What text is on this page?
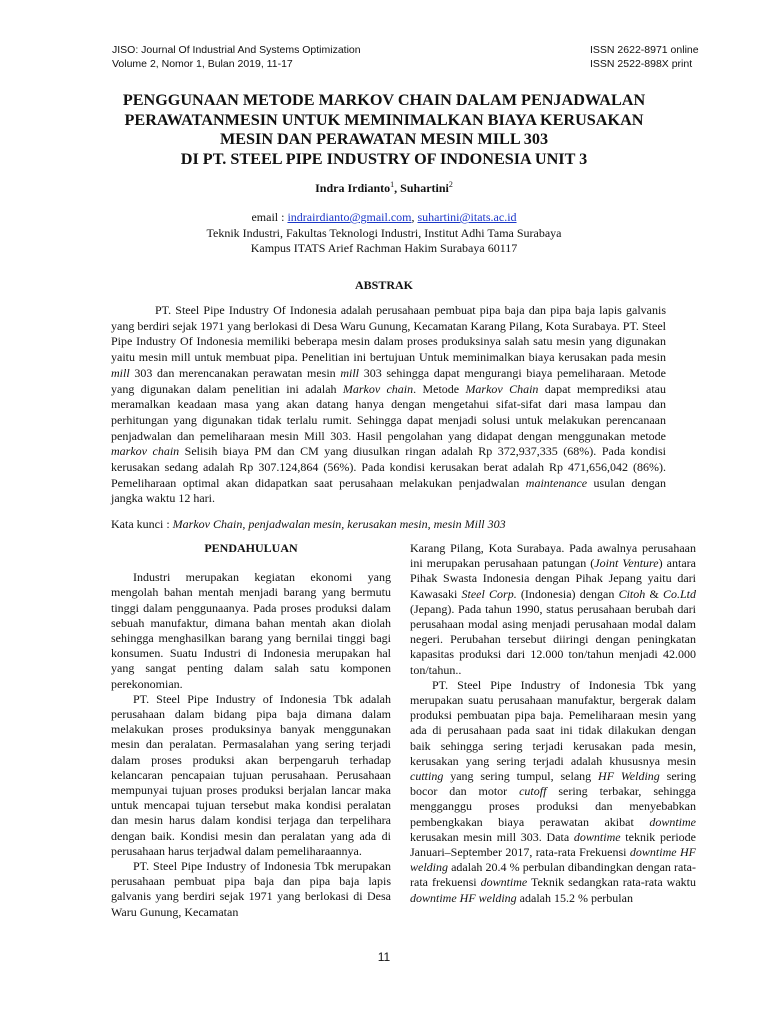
JISO: Journal Of Industrial And Systems Optimization
Volume 2, Nomor 1, Bulan 2019, 11-17
ISSN 2622-8971 online
ISSN 2522-898X print
PENGGUNAAN METODE MARKOV CHAIN DALAM PENJADWALAN
PERAWATANMESIN UNTUK MEMINIMALKAN BIAYA KERUSAKAN
MESIN DAN PERAWATAN MESIN MILL 303
DI PT. STEEL PIPE INDUSTRY OF INDONESIA UNIT 3
Indra Irdianto$^1$, Suhartini$^2$
email : indrairdianto@gmail.com, suhartini@itats.ac.id
Teknik Industri, Fakultas Teknologi Industri, Institut Adhi Tama Surabaya
Kampus ITATS Arief Rachman Hakim Surabaya 60117
ABSTRAK

PT. Steel Pipe Industry Of Indonesia adalah perusahaan pembuat pipa baja dan pipa baja lapis galvanis yang berdiri sejak 1971 yang berlokasi di Desa Waru Gunung, Kecamatan Karang Pilang, Kota Surabaya. PT. Steel Pipe Industry Of Indonesia memiliki beberapa mesin dalam proses produksinya salah satu mesin yang digunakan yaitu mesin mill untuk membuat pipa. Penelitian ini bertujuan Untuk meminimalkan biaya kerusakan pada mesin mill 303 dan merencanakan perawatan mesin mill 303 sehingga dapat mengurangi biaya pemeliharaan. Metode yang digunakan dalam penelitian ini adalah Markov chain. Metode Markov Chain dapat memprediksi atau meramalkan keadaan masa yang akan datang hanya dengan mengetahui sifat-sifat dari masa lampau dan perhitungan yang digunakan tidak terlalu rumit. Sehingga dapat menjadi solusi untuk melakukan perencanaan penjadwalan dan pemeliharaan mesin Mill 303. Hasil pengolahan yang didapat dengan menggunakan metode markov chain Selisih biaya PM dan CM yang diusulkan ringan adalah Rp 372,937,335 (68%). Pada kondisi kerusakan sedang adalah Rp 307.124,864 (56%). Pada kondisi kerusakan berat adalah Rp 471,656,042 (86%). Pemeliharaan optimal akan didapatkan saat perusahaan melakukan penjadwalan maintenance usulan dengan jangka waktu 12 hari.

Kata kunci : Markov Chain, penjadwalan mesin, kerusakan mesin, mesin Mill 303
PENDAHULUAN

Industri merupakan kegiatan ekonomi yang mengolah bahan mentah menjadi barang yang bermutu tinggi dalam penggunaanya. Pada proses produksi dalam sebuah manufaktur, dimana bahan mentah akan diolah sehingga menghasilkan barang yang bernilai tinggi bagi konsumen. Suatu Industri di Indonesia merupakan hal yang sangat penting dalam salah satu komponen perekonomian.

PT. Steel Pipe Industry of Indonesia Tbk adalah perusahaan dalam bidang pipa baja dimana dalam melakukan proses produksinya banyak menggunakan mesin dan peralatan. Permasalahan yang sering terjadi dalam proses produksi akan berpengaruh terhadap kelancaran pencapaian tujuan perusahaan. Perusahaan mempunyai tujuan proses produksi berjalan lancar maka untuk mencapai tujuan tersebut maka kondisi peralatan dan mesin harus dalam kondisi terjaga dan terpelihara dengan baik. Kondisi mesin dan peralatan yang ada di perusahaan harus terjadwal dalam pemeliharaannya.

PT. Steel Pipe Industry of Indonesia Tbk merupakan perusahaan pembuat pipa baja dan pipa baja lapis galvanis yang berdiri sejak 1971 yang berlokasi di Desa Waru Gunung, Kecamatan

Karang Pilang, Kota Surabaya. Pada awalnya perusahaan ini merupakan perusahaan patungan (Joint Venture) antara Pihak Swasta Indonesia dengan Pihak Jepang yaitu dari Kawasaki Steel Corp. (Indonesia) dengan Citoh & Co.Ltd (Jepang). Pada tahun 1990, status perusahaan berubah dari perusahaan modal asing menjadi perusahaan modal dalam negeri. Perubahan tersebut diiringi dengan peningkatan kapasitas produksi dari 12.000 ton/tahun menjadi 42.000 ton/tahun..

PT. Steel Pipe Industry of Indonesia Tbk yang merupakan suatu perusahaan manufaktur, bergerak dalam produksi pembuatan pipa baja. Pemeliharaan mesin yang ada di perusahaan pada saat ini tidak dilakukan dengan baik sehingga sering terjadi kerusakan pada mesin, kerusakan yang sering terjadi adalah khususnya mesin cutting yang sering tumpul, selang HF Welding sering bocor dan motor cutoff sering terbakar, sehingga mengganggu proses produksi dan menyebabkan pembengkakan biaya perawatan akibat downtime kerusakan mesin mill 303. Data downtime teknik periode Januari–September 2017, rata-rata Frekuensi downtime HF welding adalah 20.4 % perbulan dibandingkan dengan rata-rata frekuensi downtime Teknik sedangkan rata-rata waktu downtime HF welding adalah 15.2 % perbulan

11
